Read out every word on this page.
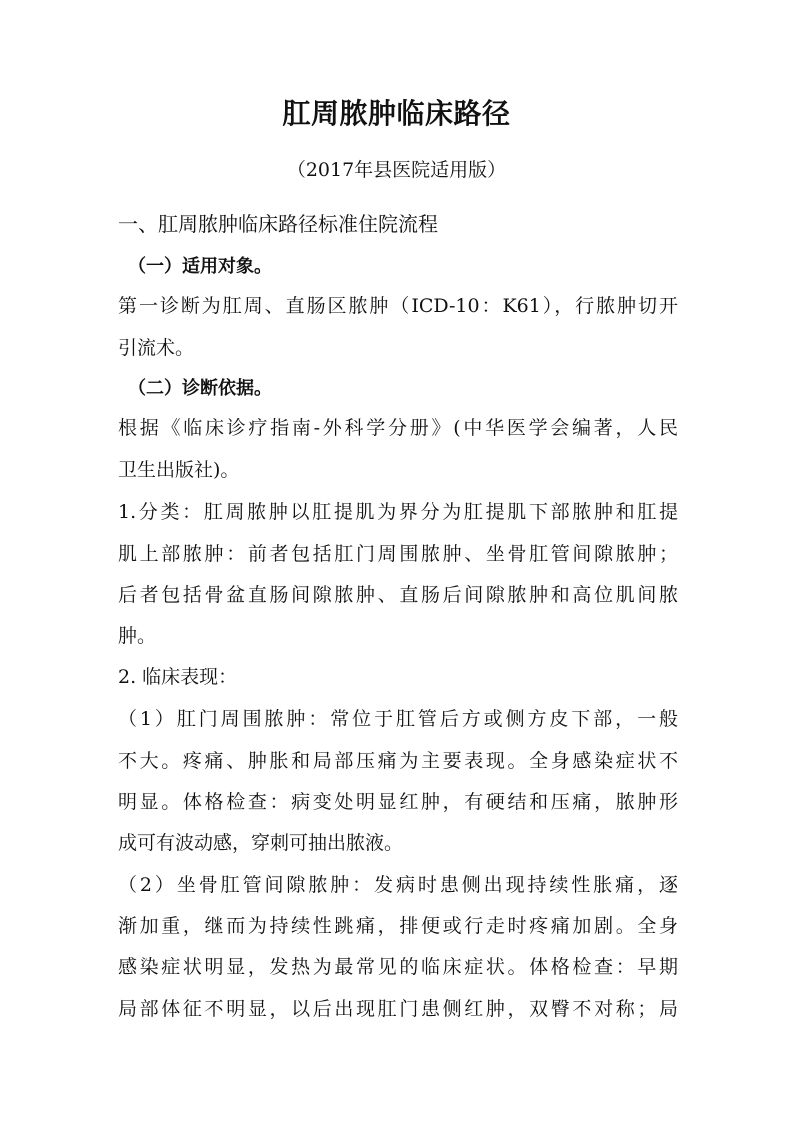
肛周脓肿临床路径
（2017年县医院适用版）
一、肛周脓肿临床路径标准住院流程
（一）适用对象。
第一诊断为肛周、直肠区脓肿（ICD-10：K61），行脓肿切开
引流术。
（二）诊断依据。
根据《临床诊疗指南-外科学分册》(中华医学会编著，人民
卫生出版社)。
1.分类：肛周脓肿以肛提肌为界分为肛提肌下部脓肿和肛提
肌上部脓肿：前者包括肛门周围脓肿、坐骨肛管间隙脓肿；
后者包括骨盆直肠间隙脓肿、直肠后间隙脓肿和高位肌间脓
肿。
2. 临床表现：
（1）肛门周围脓肿：常位于肛管后方或侧方皮下部，一般
不大。疼痛、肿胀和局部压痛为主要表现。全身感染症状不
明显。体格检查：病变处明显红肿，有硬结和压痛，脓肿形
成可有波动感，穿刺可抽出脓液。
（2）坐骨肛管间隙脓肿：发病时患侧出现持续性胀痛，逐
渐加重，继而为持续性跳痛，排便或行走时疼痛加剧。全身
感染症状明显，发热为最常见的临床症状。体格检查：早期
局部体征不明显，以后出现肛门患侧红肿，双臀不对称；局
